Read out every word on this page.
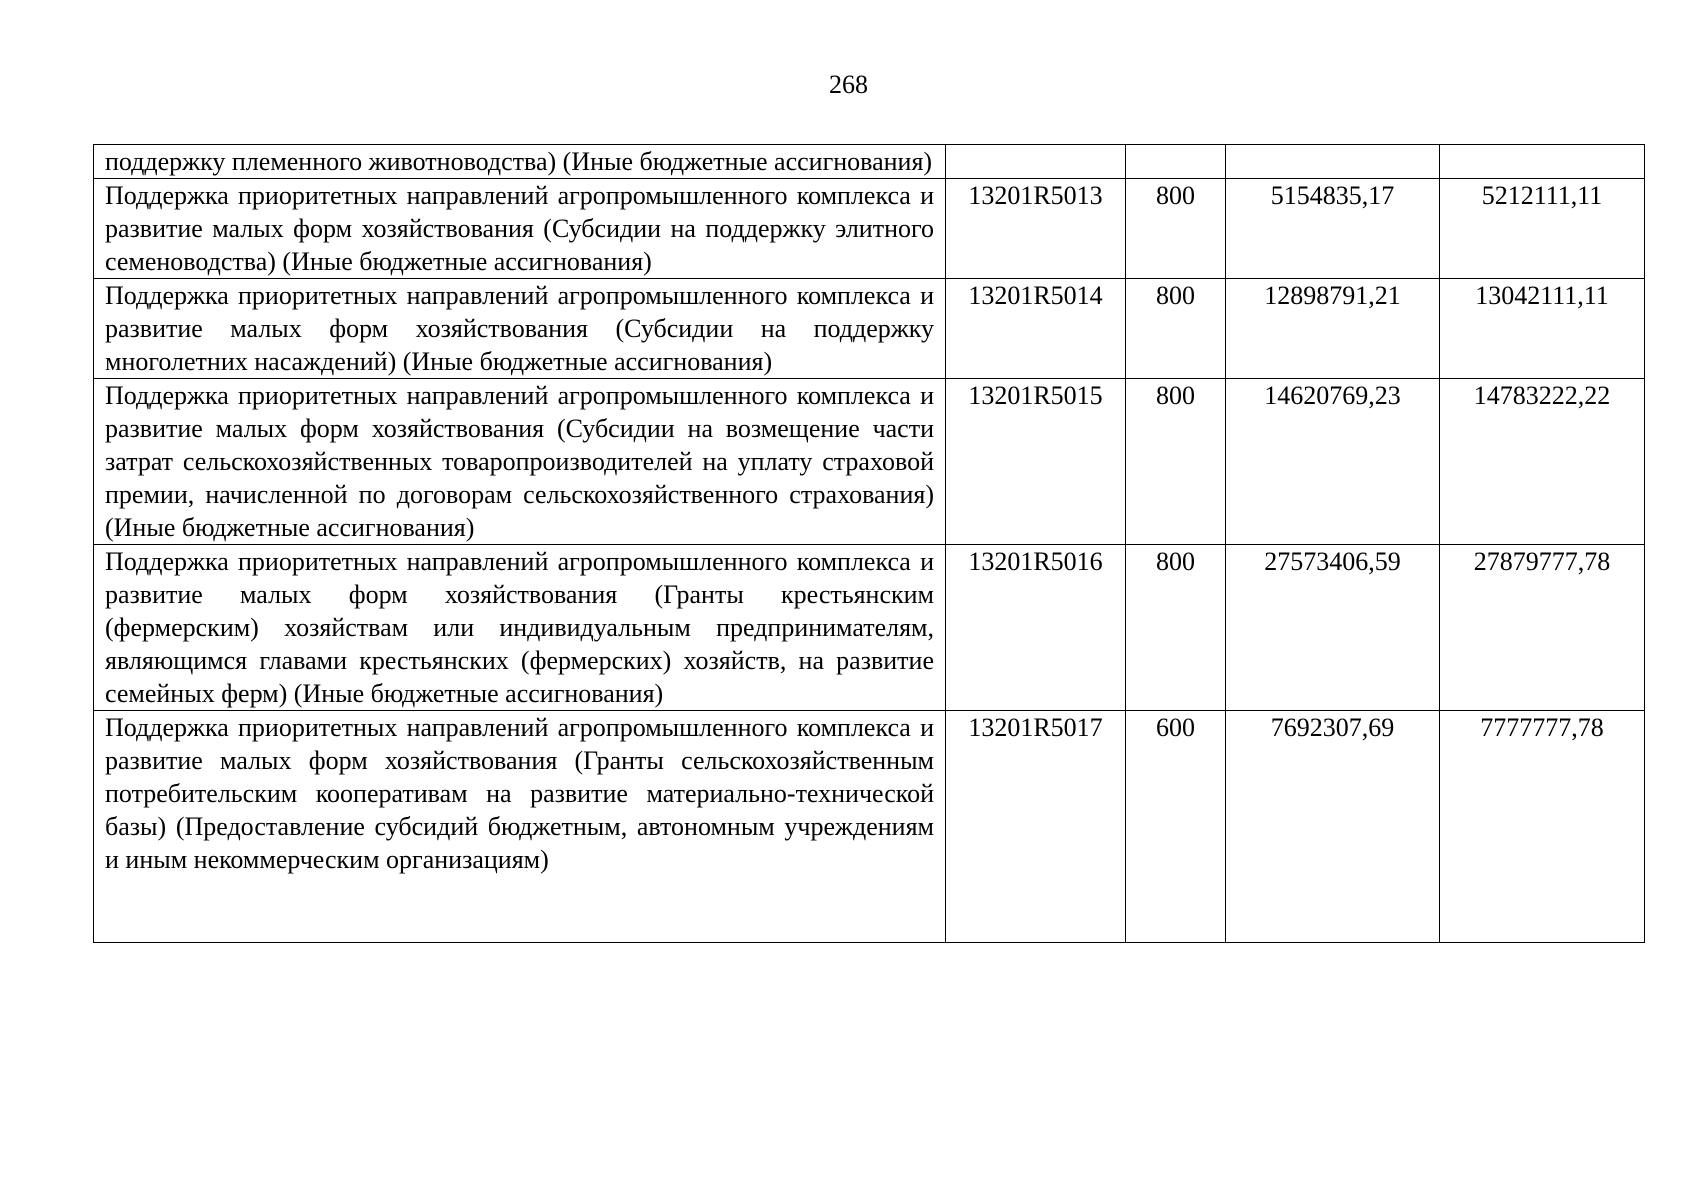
268
поддержку племенного животноводства) (Иные бюджетные ассигнования)				
Поддержка приоритетных направлений агропромышленного комплекса и развитие малых форм хозяйствования (Субсидии на поддержку элитного семеноводства) (Иные бюджетные ассигнования)	13201R5013	800	5154835,17	5212111,11
Поддержка приоритетных направлений агропромышленного комплекса и развитие малых форм хозяйствования (Субсидии на поддержку многолетних насаждений) (Иные бюджетные ассигнования)	13201R5014	800	12898791,21	13042111,11
Поддержка приоритетных направлений агропромышленного комплекса и развитие малых форм хозяйствования (Субсидии на возмещение части затрат сельскохозяйственных товаропроизводителей на уплату страховой премии, начисленной по договорам сельскохозяйственного страхования) (Иные бюджетные ассигнования)	13201R5015	800	14620769,23	14783222,22
Поддержка приоритетных направлений агропромышленного комплекса и развитие малых форм хозяйствования (Гранты крестьянским (фермерским) хозяйствам или индивидуальным предпринимателям, являющимся главами крестьянских (фермерских) хозяйств, на развитие семейных ферм) (Иные бюджетные ассигнования)	13201R5016	800	27573406,59	27879777,78
Поддержка приоритетных направлений агропромышленного комплекса и развитие малых форм хозяйствования (Гранты сельскохозяйственным потребительским кооперативам на развитие материально-технической базы) (Предоставление субсидий бюджетным, автономным учреждениям и иным некоммерческим организациям)	13201R5017	600	7692307,69	7777777,78
